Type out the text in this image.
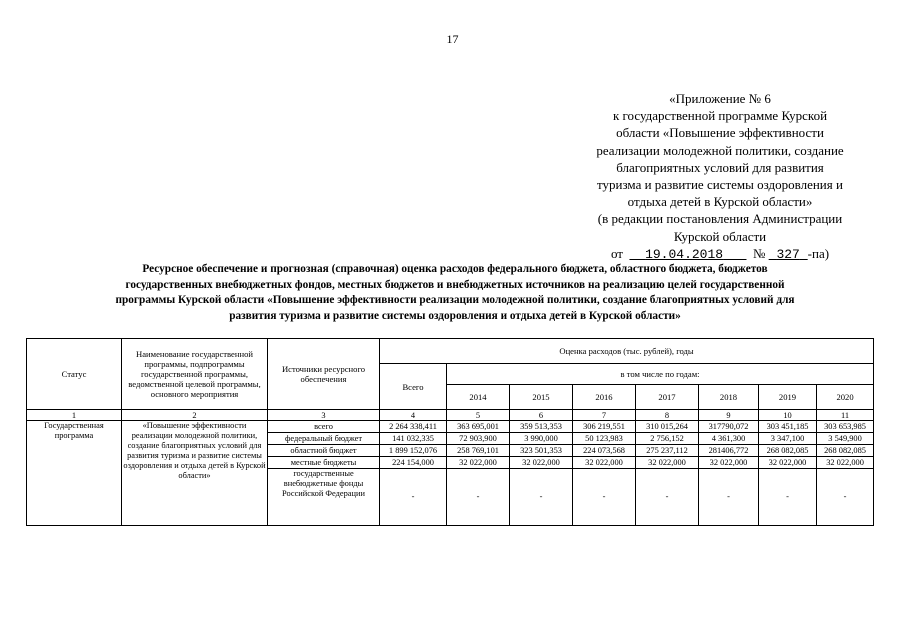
17
«Приложение № 6
к государственной программе Курской
области «Повышение эффективности
реализации молодежной политики, создание
благоприятных условий для развития
туризма и развитие системы оздоровления и
отдыха детей в Курской области»
(в редакции постановления Администрации
Курской области
от 19.04.2018 № 327 -па)
Ресурсное обеспечение и прогнозная (справочная) оценка расходов федерального бюджета, областного бюджета, бюджетов
государственных внебюджетных фондов, местных бюджетов и внебюджетных источников на реализацию целей государственной
программы Курской области «Повышение эффективности реализации молодежной политики, создание благоприятных условий для
развития туризма и развитие системы оздоровления и отдыха детей в Курской области»
Статус	Наименование государственной программы, подпрограммы государственной программы, ведомственной целевой программы, основного мероприятия	Источники ресурсного обеспечения	Оценка расходов (тыс. рублей), годы							
			Всего	в том числе по годам:						
				2014	2015	2016	2017	2018	2019	2020
1	2	3	4	5	6	7	8	9	10	11
Государственная программа	«Повышение эффективности реализации молодежной политики, создание благоприятных условий для развития туризма и развитие системы оздоровления и отдыха детей в Курской области»	всего	2 264 338,411	363 695,001	359 513,353	306 219,551	310 015,264	317790,072	303 451,185	303 653,985
		федеральный бюджет	141 032,335	72 903,900	3 990,000	50 123,983	2 756,152	4 361,300	3 347,100	3 549,900
		областной бюджет	1 899 152,076	258 769,101	323 501,353	224 073,568	275 237,112	281406,772	268 082,085	268 082,085
		местные бюджеты	224 154,000	32 022,000	32 022,000	32 022,000	32 022,000	32 022,000	32 022,000	32 022,000
		государственные внебюджетные фонды Российской Федерации	-	-	-	-	-	-	-	-
